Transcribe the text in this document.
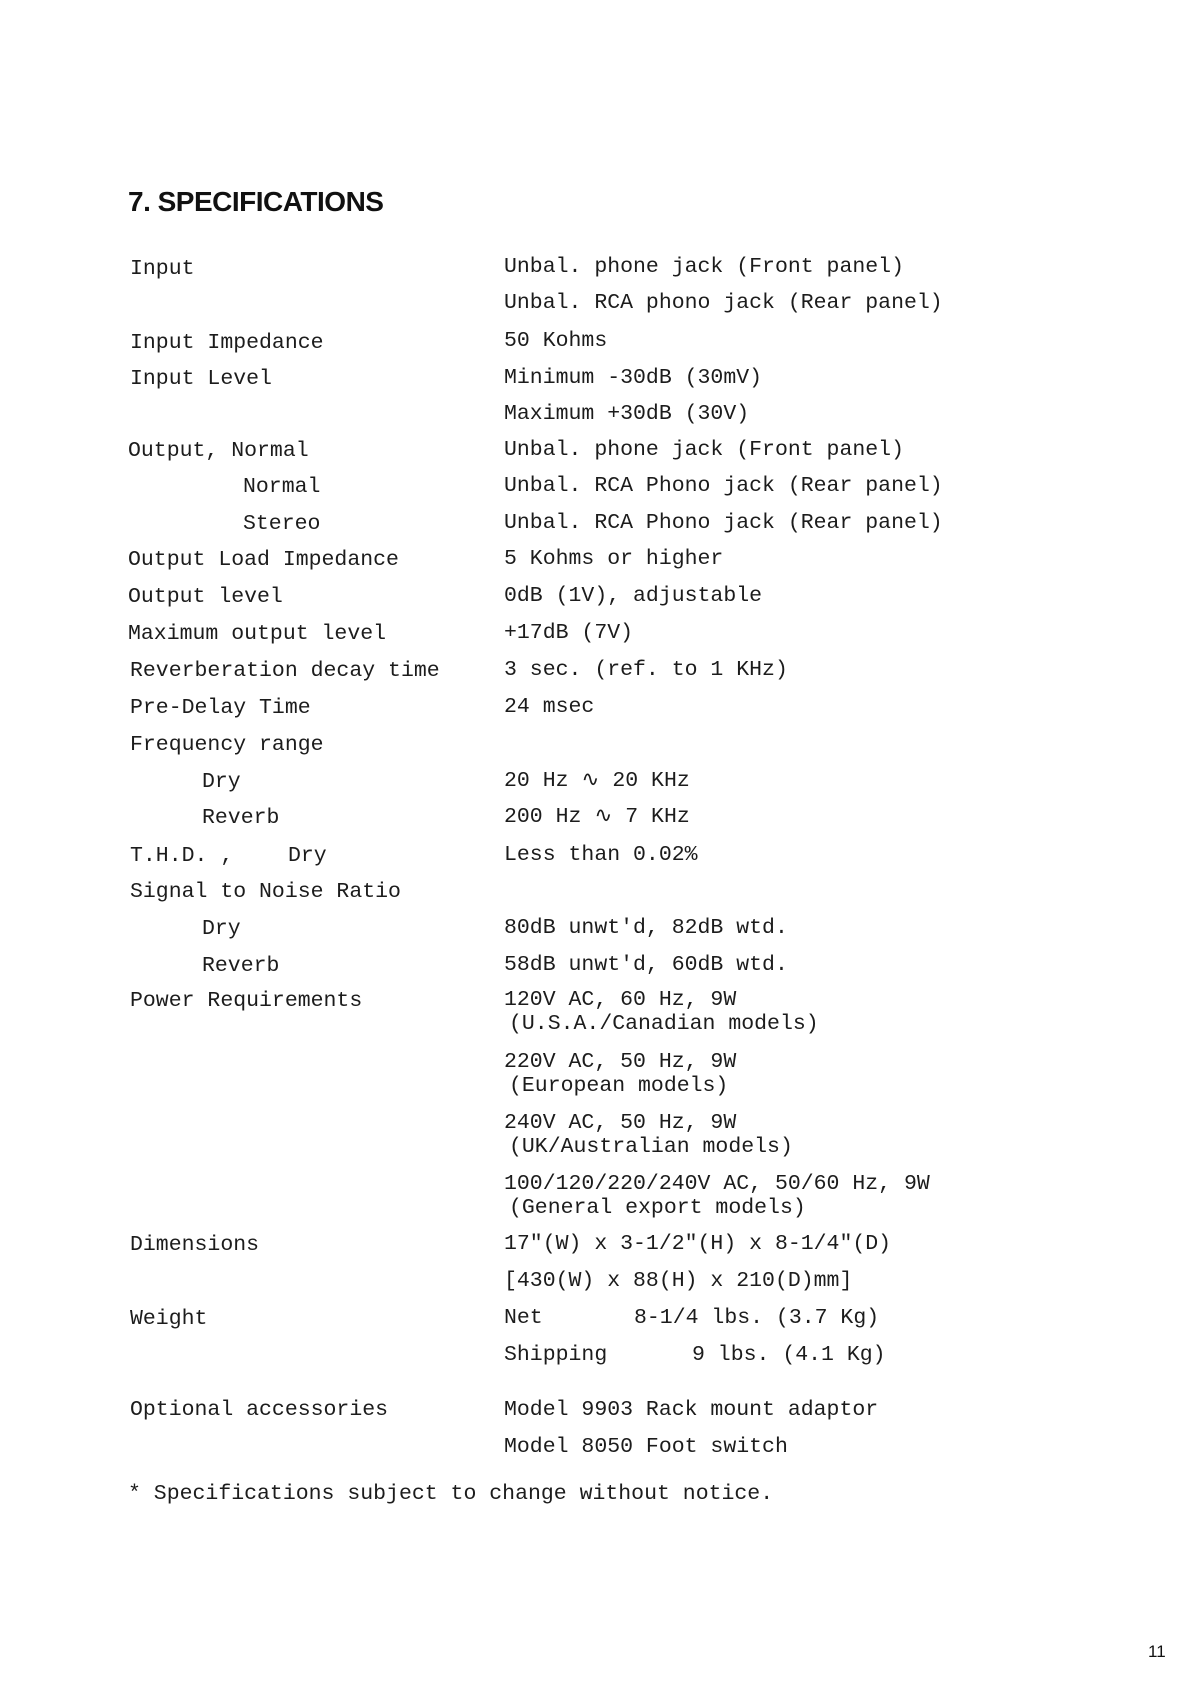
7. SPECIFICATIONS
Input	Unbal. phone jack (Front panel)
Unbal. RCA phono jack (Rear panel)
Input Impedance	50 Kohms
Input Level	Minimum -30dB (30mV)
Maximum +30dB (30V)
Output, Normal	Unbal. phone jack (Front panel)
Normal	Unbal. RCA Phono jack (Rear panel)
Stereo	Unbal. RCA Phono jack (Rear panel)
Output Load Impedance	5 Kohms or higher
Output level	0dB (1V), adjustable
Maximum output level	+17dB (7V)
Reverberation decay time	3 sec. (ref. to 1 KHz)
Pre-Delay Time	24 msec
Frequency range
Dry	20 Hz ∿ 20 KHz
Reverb	200 Hz ∿ 7 KHz
T.H.D. ,	Dry	Less than 0.02%
Signal to Noise Ratio
Dry	80dB unwt'd, 82dB wtd.
Reverb	58dB unwt'd, 60dB wtd.
Power Requirements	120V AC, 60 Hz, 9W
(U.S.A./Canadian models)
220V AC, 50 Hz, 9W
(European models)
240V AC, 50 Hz, 9W
(UK/Australian models)
100/120/220/240V AC, 50/60 Hz, 9W
(General export models)
Dimensions	17"(W) x 3-1/2"(H) x 8-1/4"(D)
[430(W) x 88(H) x 210(D)mm]
Weight	Net	8-1/4 lbs. (3.7 Kg)
Shipping	9 lbs. (4.1 Kg)
Optional accessories	Model 9903 Rack mount adaptor
Model 8050 Foot switch
* Specifications subject to change without notice.
11
